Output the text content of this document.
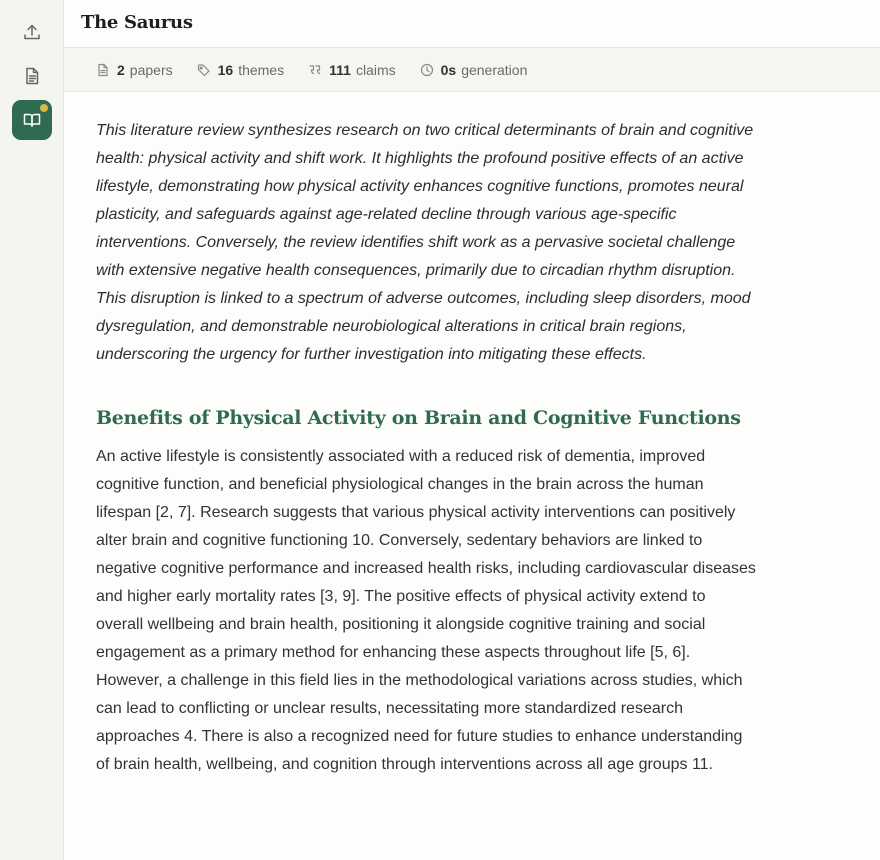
The Saurus
2 papers	16 themes	111 claims	0s generation

This literature review synthesizes research on two critical determinants of brain and cognitive health: physical activity and shift work. It highlights the profound positive effects of an active lifestyle, demonstrating how physical activity enhances cognitive functions, promotes neural plasticity, and safeguards against age-related decline through various age-specific interventions. Conversely, the review identifies shift work as a pervasive societal challenge with extensive negative health consequences, primarily due to circadian rhythm disruption. This disruption is linked to a spectrum of adverse outcomes, including sleep disorders, mood dysregulation, and demonstrable neurobiological alterations in critical brain regions, underscoring the urgency for further investigation into mitigating these effects.

Benefits of Physical Activity on Brain and Cognitive Functions

An active lifestyle is consistently associated with a reduced risk of dementia, improved cognitive function, and beneficial physiological changes in the brain across the human lifespan [2, 7]. Research suggests that various physical activity interventions can positively alter brain and cognitive functioning 10. Conversely, sedentary behaviors are linked to negative cognitive performance and increased health risks, including cardiovascular diseases and higher early mortality rates [3, 9]. The positive effects of physical activity extend to overall wellbeing and brain health, positioning it alongside cognitive training and social engagement as a primary method for enhancing these aspects throughout life [5, 6]. However, a challenge in this field lies in the methodological variations across studies, which can lead to conflicting or unclear results, necessitating more standardized research approaches 4. There is also a recognized need for future studies to enhance understanding of brain health, wellbeing, and cognition through interventions across all age groups 11.
